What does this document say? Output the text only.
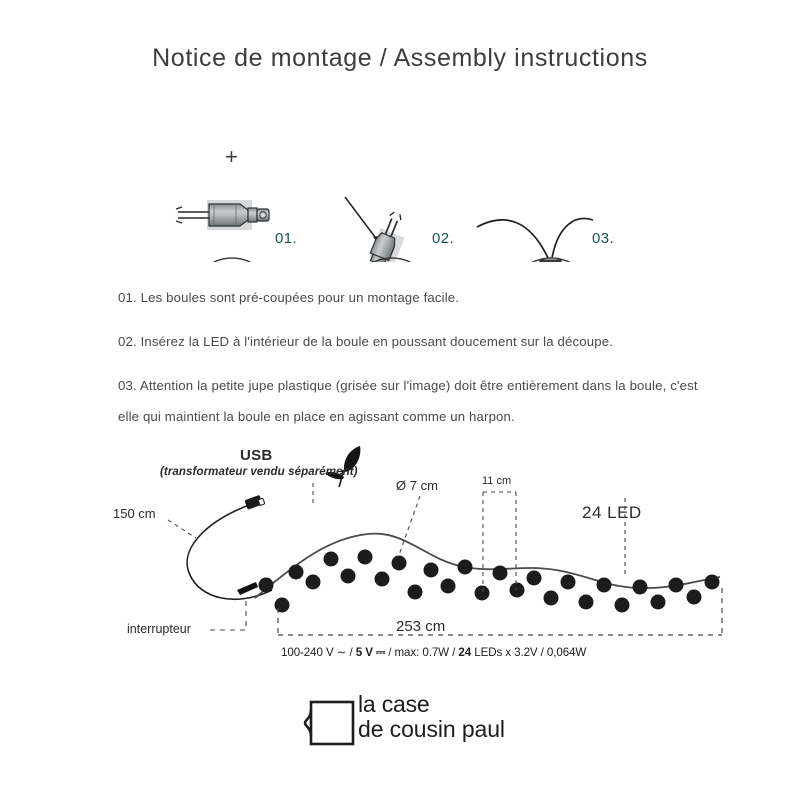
Notice de montage / Assembly instructions
+
01.	02.	03.

01. Les boules sont pré-coupées pour un montage facile.

02. Insérez la LED à l'intérieur de la boule en poussant doucement sur la découpe.

03. Attention la petite jupe plastique (grisée sur l'image) doit être entièrement dans la boule, c'est elle qui maintient la boule en place en agissant comme un harpon.

USB
(transformateur vendu séparément)
150 cm
interrupteur
Ø 7 cm	11 cm
24 LED
253 cm
100-240 V ∼ / 5 V ⎓ / max: 0.7W / 24 LEDs x 3.2V / 0,064W
la case
de cousin paul
